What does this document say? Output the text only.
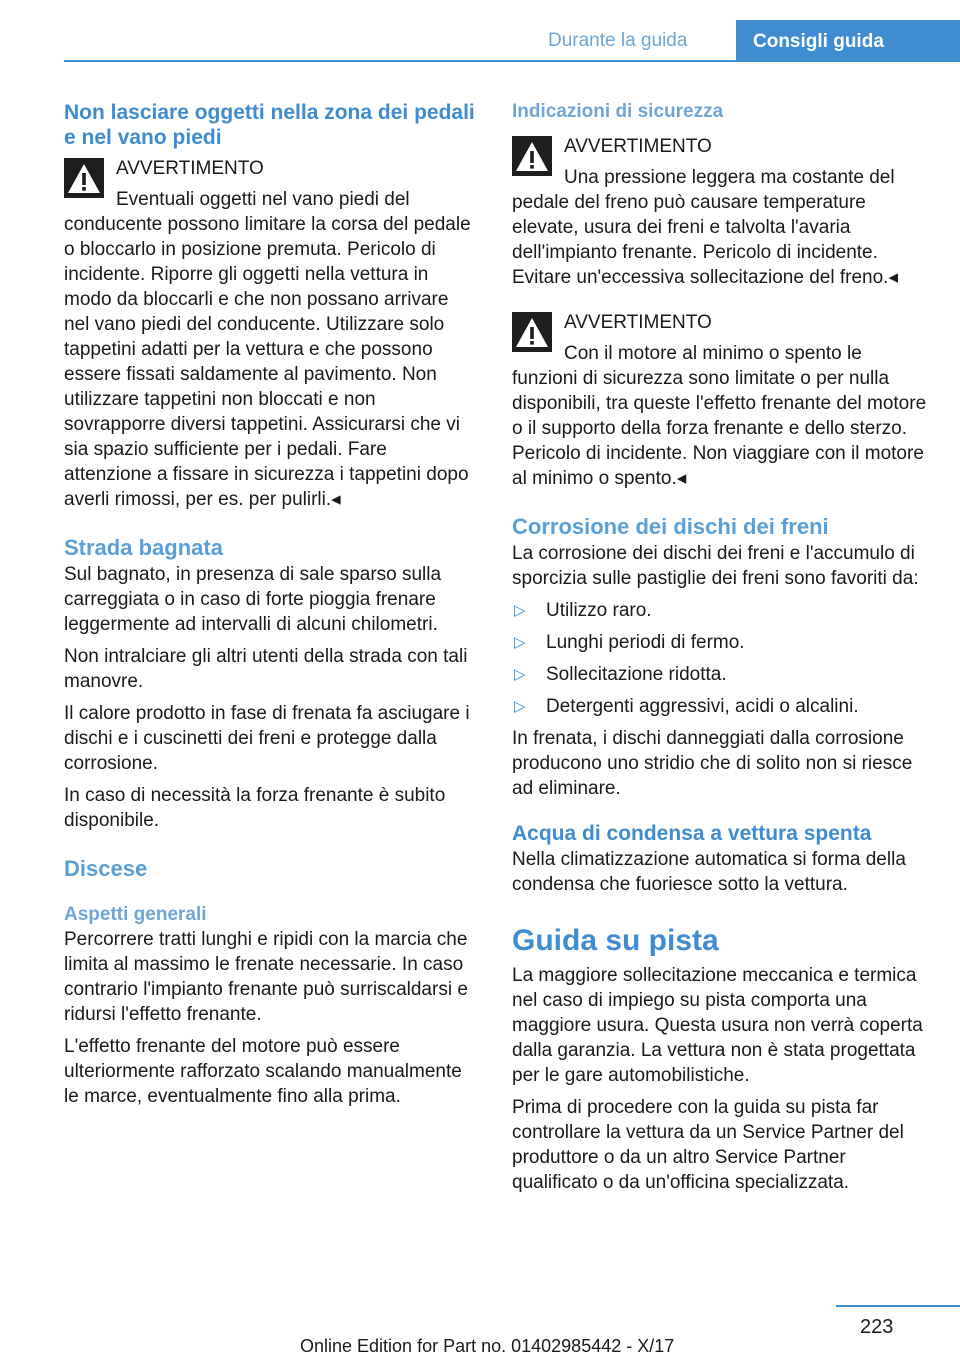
Durante la guida	Consigli guida
Non lasciare oggetti nella zona dei pedali e nel vano piedi
AVVERTIMENTO
Eventuali oggetti nel vano piedi del conducente possono limitare la corsa del pedale o bloccarlo in posizione premuta. Pericolo di incidente. Riporre gli oggetti nella vettura in modo da bloccarli e che non possano arrivare nel vano piedi del conducente. Utilizzare solo tappetini adatti per la vettura e che possono essere fissati saldamente al pavimento. Non utilizzare tappetini non bloccati e non sovrapporre diversi tappetini. Assicurarsi che vi sia spazio sufficiente per i pedali. Fare attenzione a fissare in sicurezza i tappetini dopo averli rimossi, per es. per pulirli.◂
Strada bagnata

Sul bagnato, in presenza di sale sparso sulla carreggiata o in caso di forte pioggia frenare leggermente ad intervalli di alcuni chilometri.

Non intralciare gli altri utenti della strada con tali manovre.

Il calore prodotto in fase di frenata fa asciugare i dischi e i cuscinetti dei freni e protegge dalla corrosione.

In caso di necessità la forza frenante è subito disponibile.

Discese
Aspetti generali

Percorrere tratti lunghi e ripidi con la marcia che limita al massimo le frenate necessarie. In caso contrario l'impianto frenante può surriscaldarsi e ridursi l'effetto frenante.

L'effetto frenante del motore può essere ulteriormente rafforzato scalando manualmente le marce, eventualmente fino alla prima.

Indicazioni di sicurezza
AVVERTIMENTO
Una pressione leggera ma costante del pedale del freno può causare temperature elevate, usura dei freni e talvolta l'avaria dell'impianto frenante. Pericolo di incidente. Evitare un'eccessiva sollecitazione del freno.◂
AVVERTIMENTO
Con il motore al minimo o spento le funzioni di sicurezza sono limitate o per nulla disponibili, tra queste l'effetto frenante del motore o il supporto della forza frenante e dello sterzo. Pericolo di incidente. Non viaggiare con il motore al minimo o spento.◂
Corrosione dei dischi dei freni

La corrosione dei dischi dei freni e l'accumulo di sporcizia sulle pastiglie dei freni sono favoriti da:

▷ Utilizzo raro.
▷ Lunghi periodi di fermo.
▷ Sollecitazione ridotta.
▷ Detergenti aggressivi, acidi o alcalini.

In frenata, i dischi danneggiati dalla corrosione producono uno stridio che di solito non si riesce ad eliminare.

Acqua di condensa a vettura spenta

Nella climatizzazione automatica si forma della condensa che fuoriesce sotto la vettura.

Guida su pista

La maggiore sollecitazione meccanica e termica nel caso di impiego su pista comporta una maggiore usura. Questa usura non verrà coperta dalla garanzia. La vettura non è stata progettata per le gare automobilistiche.

Prima di procedere con la guida su pista far controllare la vettura da un Service Partner del produttore o da un altro Service Partner qualificato o da un'officina specializzata.

223
Online Edition for Part no. 01402985442 - X/17
